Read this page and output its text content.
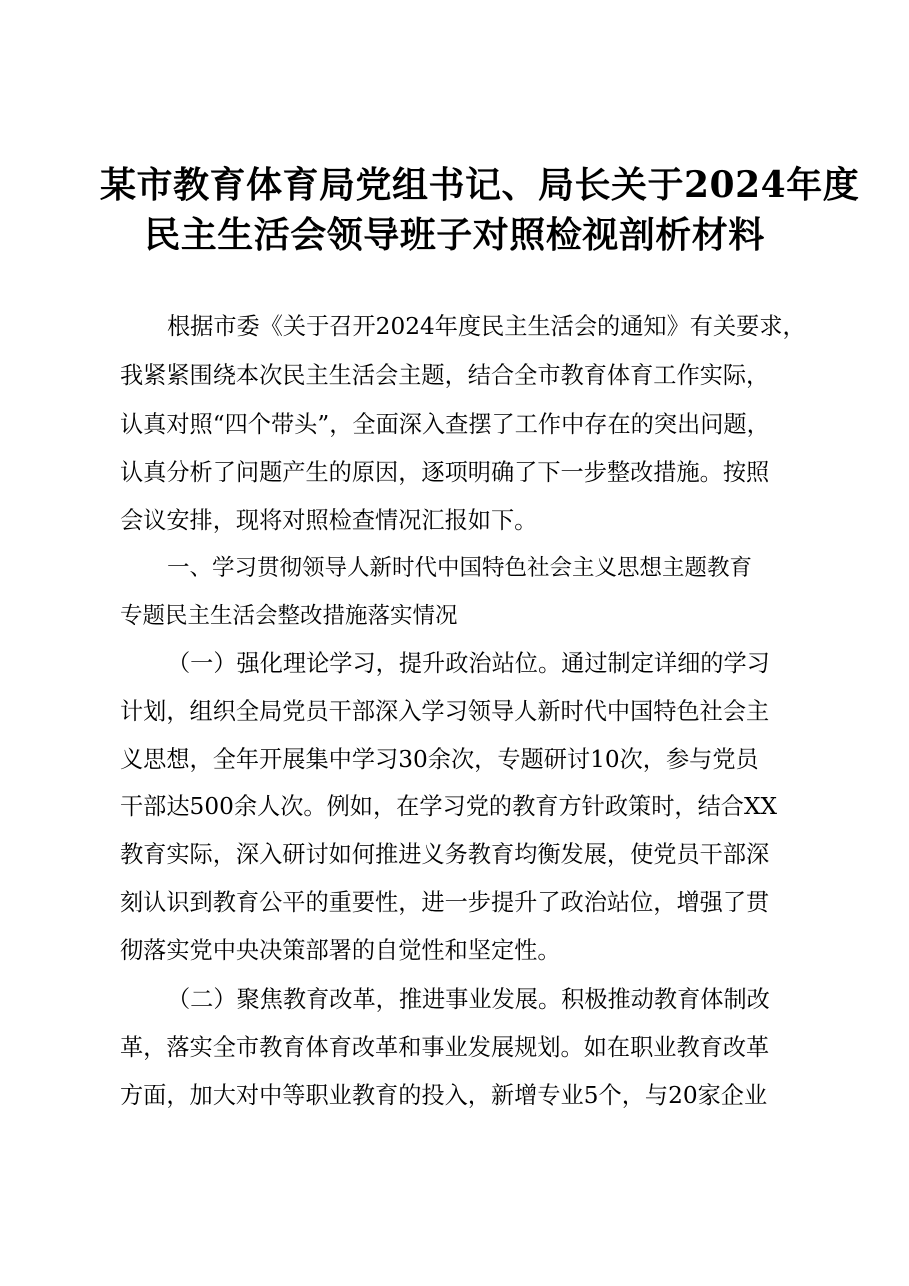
某市教育体育局党组书记、局长关于2024年度
民主生活会领导班子对照检视剖析材料
根据市委《关于召开2024年度民主生活会的通知》有关要求，
我紧紧围绕本次民主生活会主题，结合全市教育体育工作实际，
认真对照“四个带头”，全面深入查摆了工作中存在的突出问题，
认真分析了问题产生的原因，逐项明确了下一步整改措施。按照
会议安排，现将对照检查情况汇报如下。
一、学习贯彻领导人新时代中国特色社会主义思想主题教育
专题民主生活会整改措施落实情况
（一）强化理论学习，提升政治站位。通过制定详细的学习
计划，组织全局党员干部深入学习领导人新时代中国特色社会主
义思想，全年开展集中学习30余次，专题研讨10次，参与党员
干部达500余人次。例如，在学习党的教育方针政策时，结合XX
教育实际，深入研讨如何推进义务教育均衡发展，使党员干部深
刻认识到教育公平的重要性，进一步提升了政治站位，增强了贯
彻落实党中央决策部署的自觉性和坚定性。
（二）聚焦教育改革，推进事业发展。积极推动教育体制改
革，落实全市教育体育改革和事业发展规划。如在职业教育改革
方面，加大对中等职业教育的投入，新增专业5个，与20家企业
